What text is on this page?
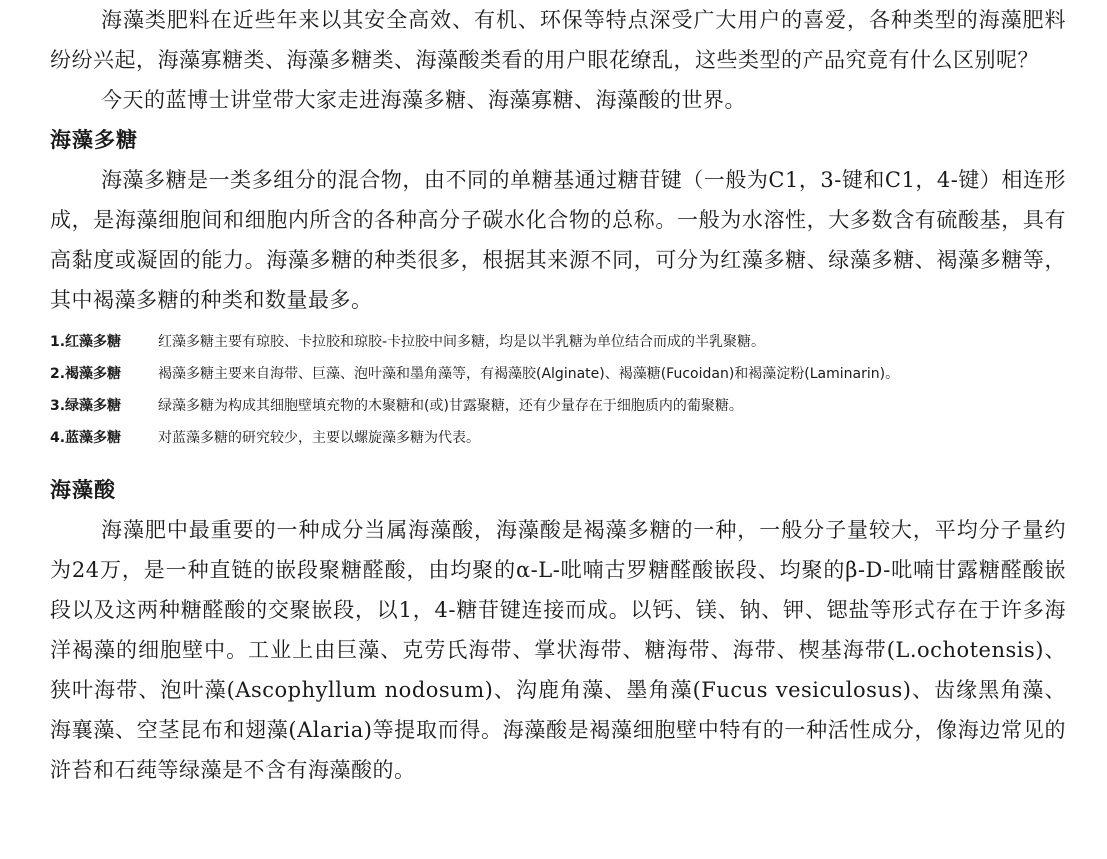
海藻类肥料在近些年来以其安全高效、有机、环保等特点深受广大用户的喜爱，各种类型的海藻肥料纷纷兴起，海藻寡糖类、海藻多糖类、海藻酸类看的用户眼花缭乱，这些类型的产品究竟有什么区别呢？

今天的蓝博士讲堂带大家走进海藻多糖、海藻寡糖、海藻酸的世界。

海藻多糖

海藻多糖是一类多组分的混合物，由不同的单糖基通过糖苷键（一般为C1，3-键和C1，4-键）相连形成，是海藻细胞间和细胞内所含的各种高分子碳水化合物的总称。一般为水溶性，大多数含有硫酸基，具有高黏度或凝固的能力。海藻多糖的种类很多，根据其来源不同，可分为红藻多糖、绿藻多糖、褐藻多糖等，其中褐藻多糖的种类和数量最多。

1.红藻多糖	红藻多糖主要有琼胶、卡拉胶和琼胶-卡拉胶中间多糖，均是以半乳糖为单位结合而成的半乳聚糖。
2.褐藻多糖	褐藻多糖主要来自海带、巨藻、泡叶藻和墨角藻等，有褐藻胶(Alginate)、褐藻糖(Fucoidan)和褐藻淀粉(Laminarin)。
3.绿藻多糖	绿藻多糖为构成其细胞壁填充物的木聚糖和(或)甘露聚糖，还有少量存在于细胞质内的葡聚糖。
4.蓝藻多糖	对蓝藻多糖的研究较少，主要以螺旋藻多糖为代表。
海藻酸

海藻肥中最重要的一种成分当属海藻酸，海藻酸是褐藻多糖的一种，一般分子量较大，平均分子量约为24万，是一种直链的嵌段聚糖醛酸，由均聚的α-L-吡喃古罗糖醛酸嵌段、均聚的β-D-吡喃甘露糖醛酸嵌段以及这两种糖醛酸的交聚嵌段，以1，4-糖苷键连接而成。以钙、镁、钠、钾、锶盐等形式存在于许多海洋褐藻的细胞壁中。工业上由巨藻、克劳氏海带、掌状海带、糖海带、海带、楔基海带(L.ochotensis)、狭叶海带、泡叶藻(Ascophyllum nodosum)、沟鹿角藻、墨角藻(Fucus vesiculosus)、齿缘黑角藻、海襄藻、空茎昆布和翅藻(Alaria)等提取而得。海藻酸是褐藻细胞壁中特有的一种活性成分，像海边常见的浒苔和石莼等绿藻是不含有海藻酸的。
